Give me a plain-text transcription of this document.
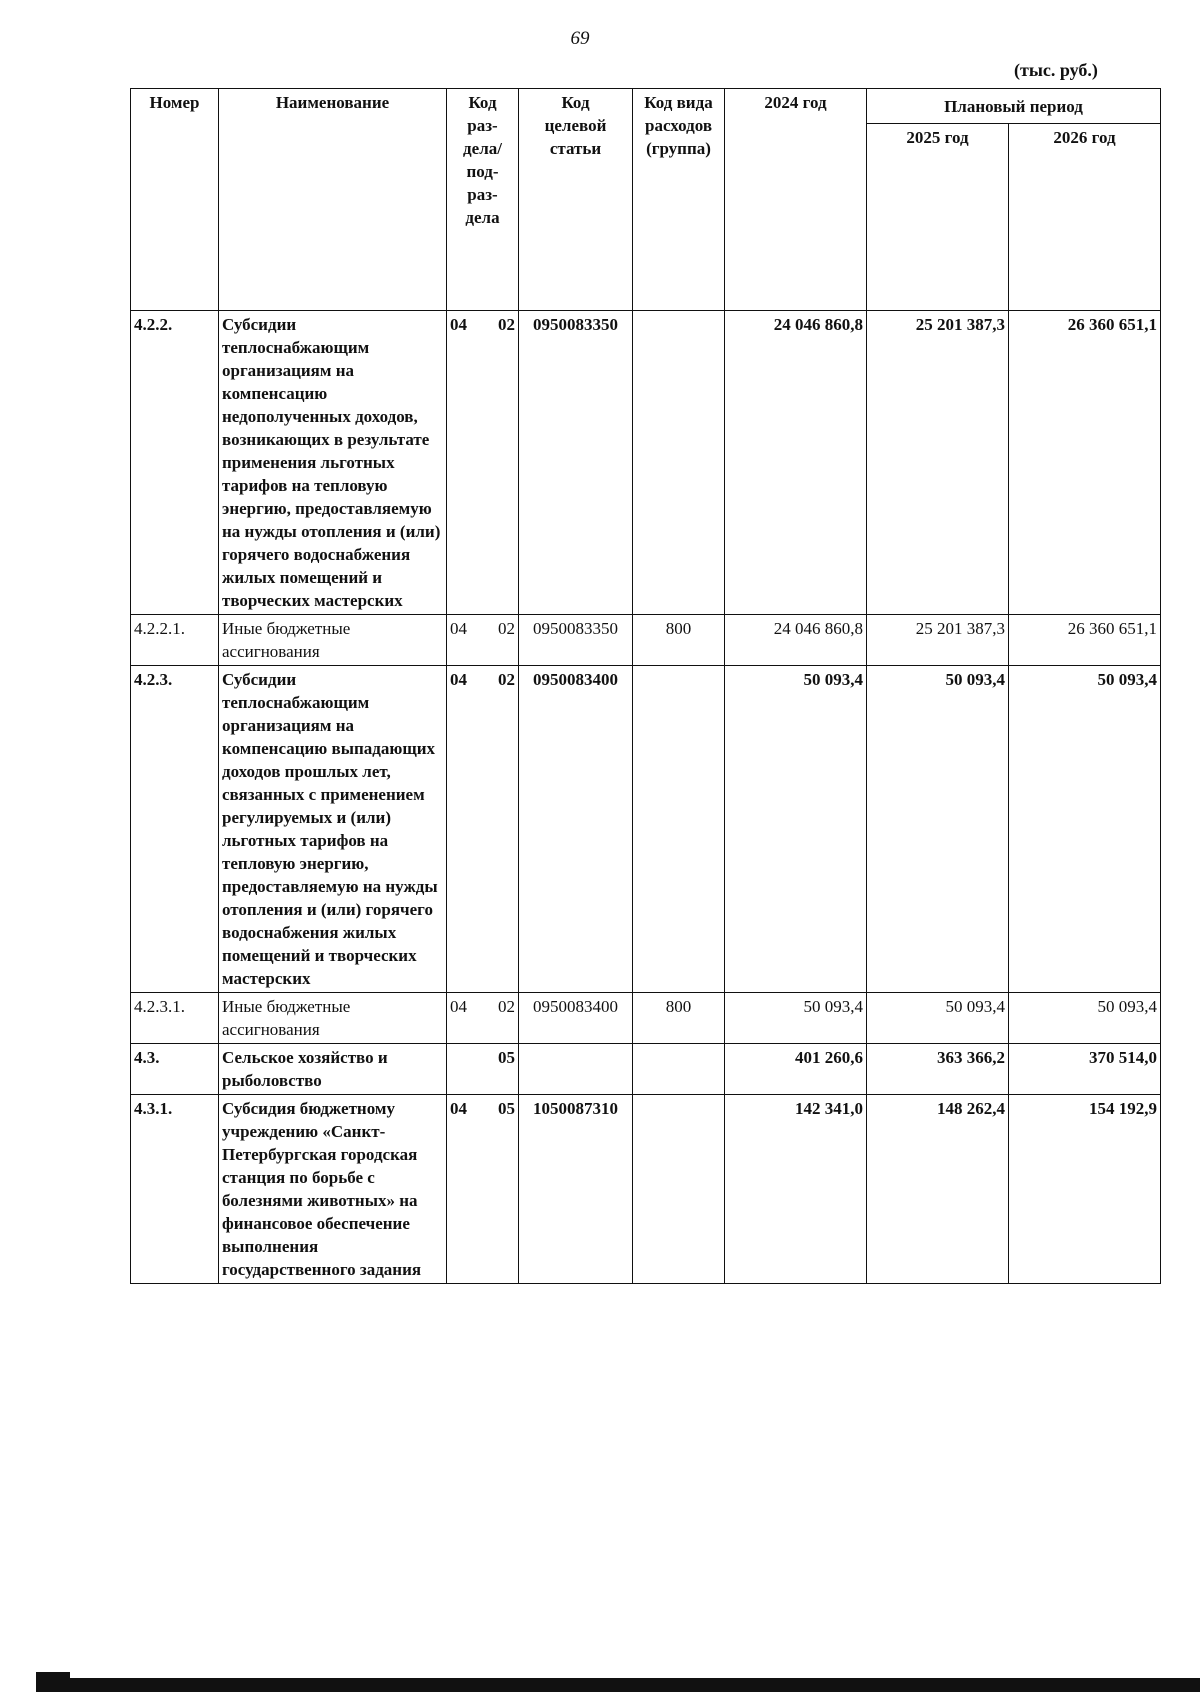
69
(тыс. руб.)
Номер	Наименование	Код раз-дела/ под-раз-дела	Код целевой статьи	Код вида расходов (группа)	2024 год	Плановый период	
						2025 год	2026 год
4.2.2.	Субсидии теплоснабжающим организациям на компенсацию недополученных доходов, возникающих в результате применения льготных тарифов на тепловую энергию, предоставляемую на нужды отопления и (или) горячего водоснабжения жилых помещений и творческих мастерских	04 02	0950083350		24 046 860,8	25 201 387,3	26 360 651,1
4.2.2.1.	Иные бюджетные ассигнования	04 02	0950083350	800	24 046 860,8	25 201 387,3	26 360 651,1
4.2.3.	Субсидии теплоснабжающим организациям на компенсацию выпадающих доходов прошлых лет, связанных с применением регулируемых и (или) льготных тарифов на тепловую энергию, предоставляемую на нужды отопления и (или) горячего водоснабжения жилых помещений и творческих мастерских	04 02	0950083400		50 093,4	50 093,4	50 093,4
4.2.3.1.	Иные бюджетные ассигнования	04 02	0950083400	800	50 093,4	50 093,4	50 093,4
4.3.	Сельское хозяйство и рыболовство	05			401 260,6	363 366,2	370 514,0
4.3.1.	Субсидия бюджетному учреждению «Санкт-Петербургская городская станция по борьбе с болезнями животных» на финансовое обеспечение выполнения государственного задания	04 05	1050087310		142 341,0	148 262,4	154 192,9
